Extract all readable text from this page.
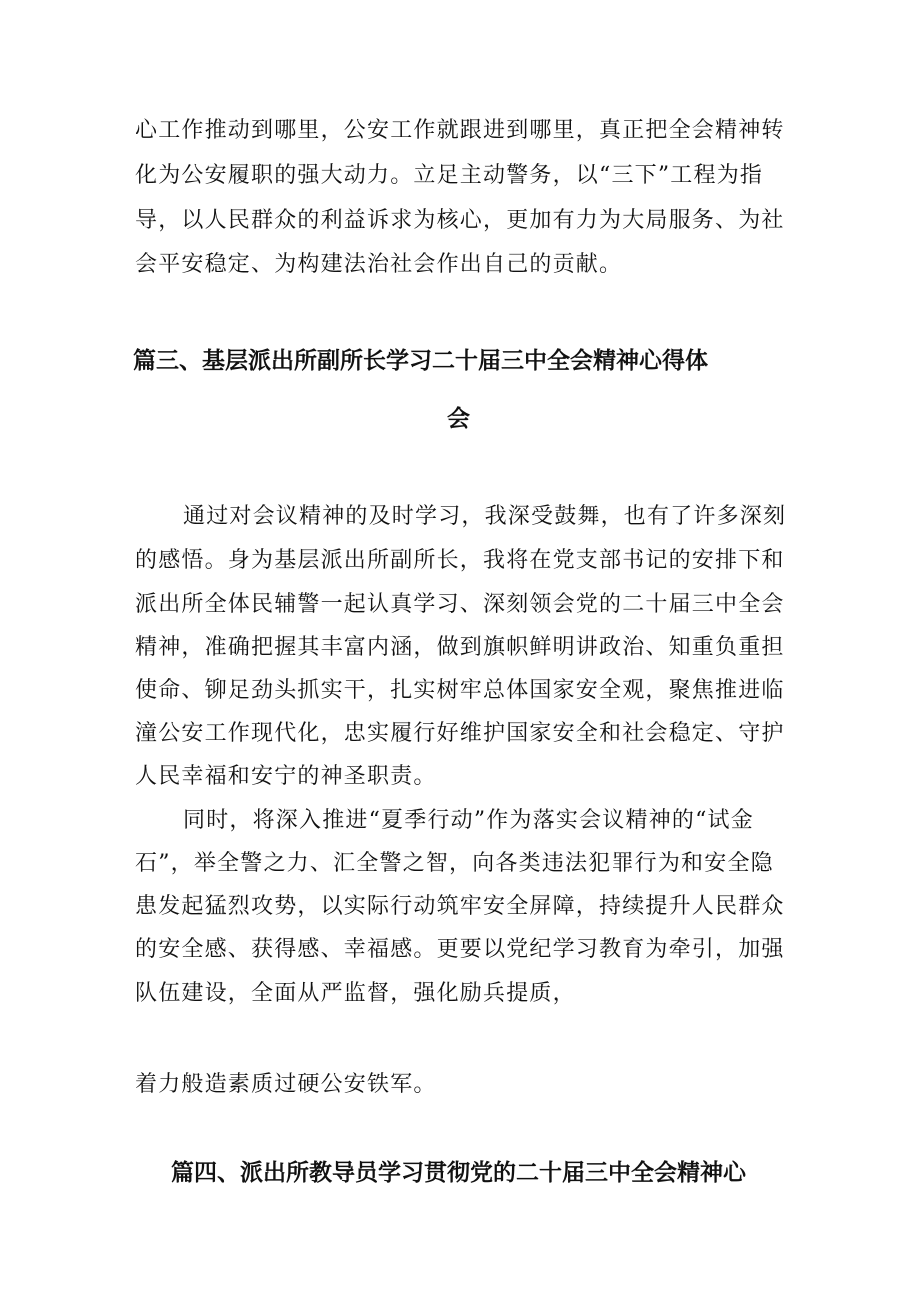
心工作推动到哪里，公安工作就跟进到哪里，真正把全会精神转
化为公安履职的强大动力。立足主动警务，以“三下”工程为指
导，以人民群众的利益诉求为核心，更加有力为大局服务、为社
会平安稳定、为构建法治社会作出自己的贡献。
篇三、基层派出所副所长学习二十届三中全会精神心得体
会
通过对会议精神的及时学习，我深受鼓舞，也有了许多深刻
的感悟。身为基层派出所副所长，我将在党支部书记的安排下和
派出所全体民辅警一起认真学习、深刻领会党的二十届三中全会
精神，准确把握其丰富内涵，做到旗帜鲜明讲政治、知重负重担
使命、铆足劲头抓实干，扎实树牢总体国家安全观，聚焦推进临
潼公安工作现代化，忠实履行好维护国家安全和社会稳定、守护
人民幸福和安宁的神圣职责。
同时，将深入推进“夏季行动”作为落实会议精神的“试金
石”，举全警之力、汇全警之智，向各类违法犯罪行为和安全隐
患发起猛烈攻势，以实际行动筑牢安全屏障，持续提升人民群众
的安全感、获得感、幸福感。更要以党纪学习教育为牵引，加强
队伍建设，全面从严监督，强化励兵提质，
着力般造素质过硬公安铁军。
篇四、派出所教导员学习贯彻党的二十届三中全会精神心
